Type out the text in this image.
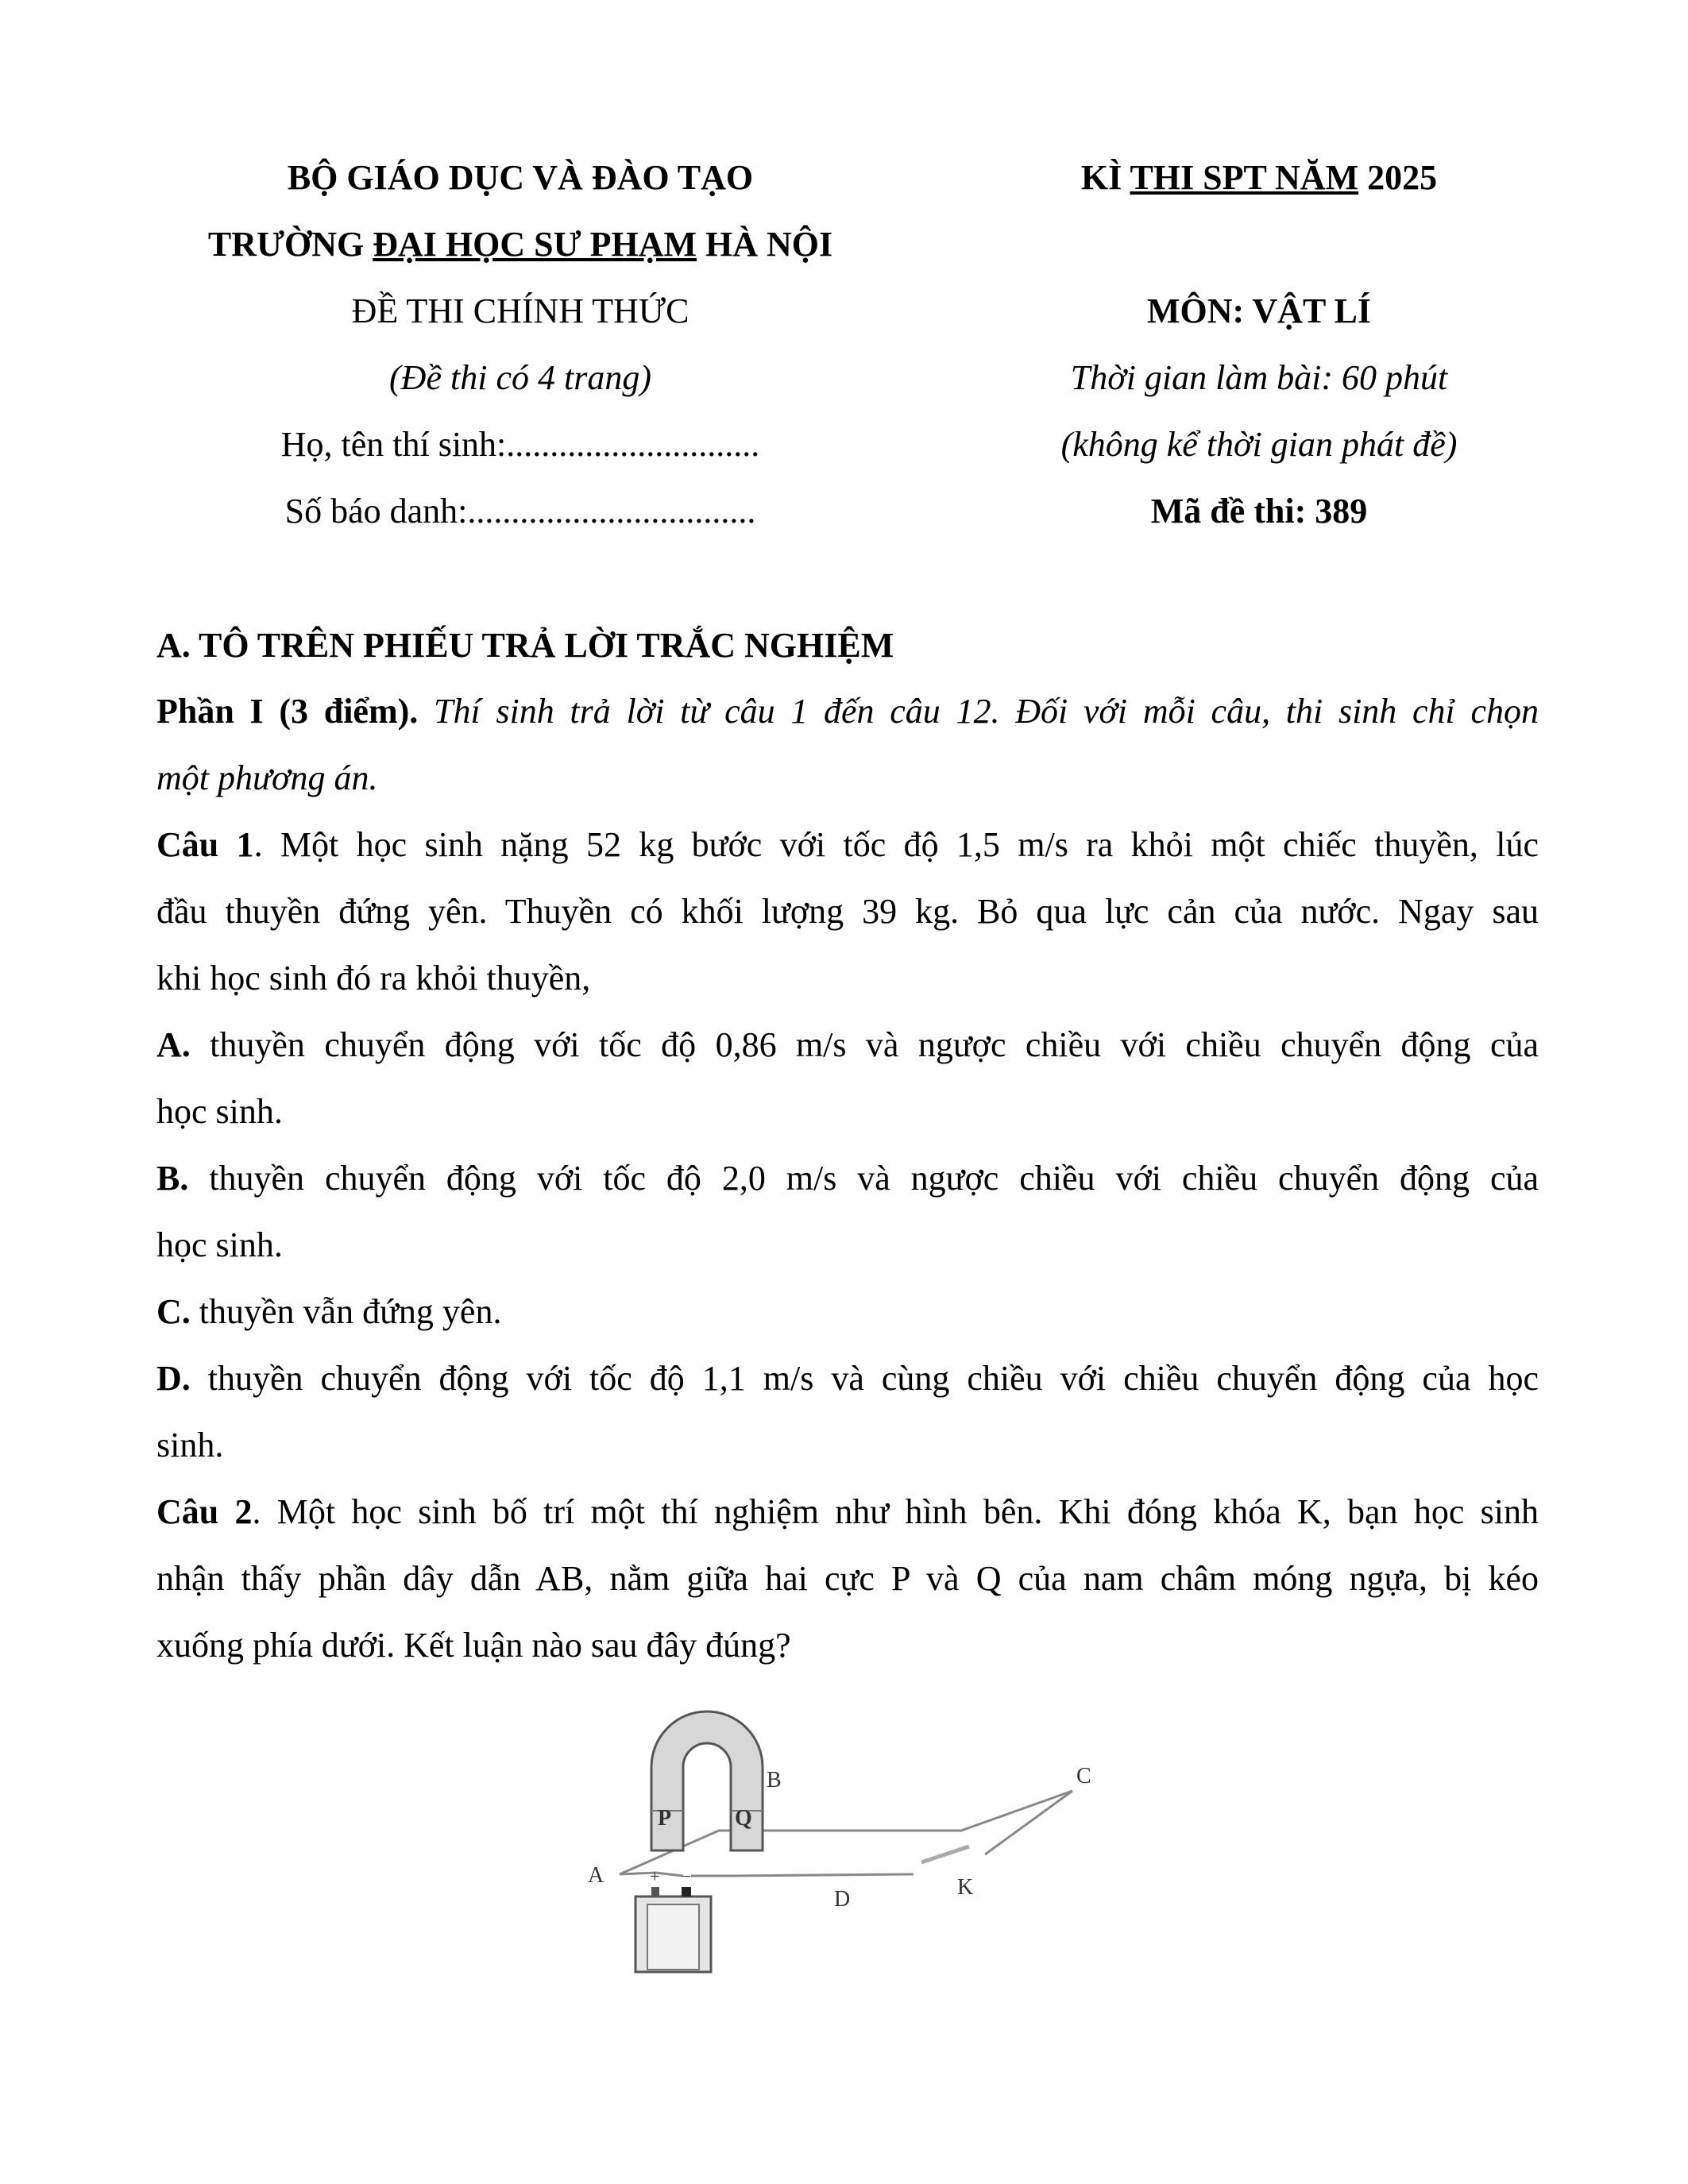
BỘ GIÁO DỤC VÀ ĐÀO TẠO
TRƯỜNG ĐẠI HỌC SƯ PHẠM HÀ NỘI
ĐỀ THI CHÍNH THỨC
(Đề thi có 4 trang)
Họ, tên thí sinh:.............................
Số báo danh:.................................
KÌ THI SPT NĂM 2025
MÔN: VẬT LÍ
Thời gian làm bài: 60 phút
(không kể thời gian phát đề)
Mã đề thi: 389
A. TÔ TRÊN PHIẾU TRẢ LỜI TRẮC NGHIỆM
Phần I (3 điểm). Thí sinh trả lời từ câu 1 đến câu 12. Đối với mỗi câu, thi sinh chỉ chọn
một phương án.
Câu 1. Một học sinh nặng 52 kg bước với tốc độ 1,5 m/s ra khỏi một chiếc thuyền, lúc
đầu thuyền đứng yên. Thuyền có khối lượng 39 kg. Bỏ qua lực cản của nước. Ngay sau
khi học sinh đó ra khỏi thuyền,
A. thuyền chuyển động với tốc độ 0,86 m/s và ngược chiều với chiều chuyển động của
học sinh.
B. thuyền chuyển động với tốc độ 2,0 m/s và ngược chiều với chiều chuyển động của
học sinh.
C. thuyền vẫn đứng yên.
D. thuyền chuyển động với tốc độ 1,1 m/s và cùng chiều với chiều chuyển động của học
sinh.
Câu 2. Một học sinh bố trí một thí nghiệm như hình bên. Khi đóng khóa K, bạn học sinh
nhận thấy phần dây dẫn AB, nằm giữa hai cực P và Q của nam châm móng ngựa, bị kéo
xuống phía dưới. Kết luận nào sau đây đúng?
A
B	C
D	K
P	Q
+ −
